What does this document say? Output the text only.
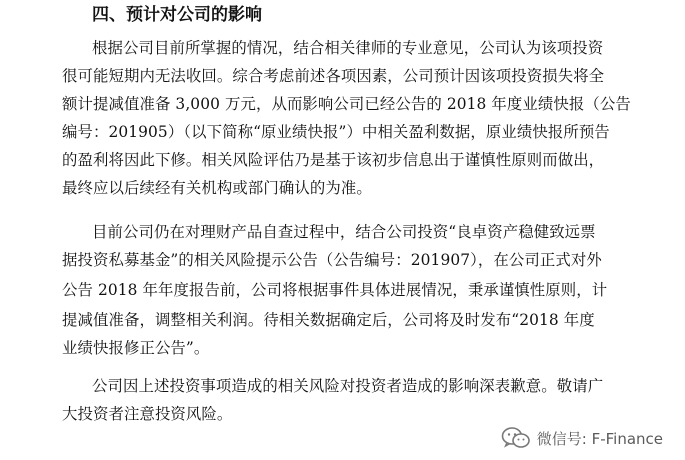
四、预计对公司的影响
根据公司目前所掌握的情况，结合相关律师的专业意见，公司认为该项投资
很可能短期内无法收回。综合考虑前述各项因素，公司预计因该项投资损失将全
额计提减值准备 3,000 万元，从而影响公司已经公告的 2018 年度业绩快报（公告
编号：201905）（以下简称“原业绩快报”）中相关盈利数据，原业绩快报所预告
的盈利将因此下修。相关风险评估乃是基于该初步信息出于谨慎性原则而做出，
最终应以后续经有关机构或部门确认的为准。
目前公司仍在对理财产品自查过程中，结合公司投资“良卓资产稳健致远票
据投资私募基金”的相关风险提示公告（公告编号：201907），在公司正式对外
公告 2018 年年度报告前，公司将根据事件具体进展情况，秉承谨慎性原则，计
提减值准备，调整相关利润。待相关数据确定后，公司将及时发布“2018 年度
业绩快报修正公告”。
公司因上述投资事项造成的相关风险对投资者造成的影响深表歉意。敬请广
大投资者注意投资风险。
微信号: F-Finance
